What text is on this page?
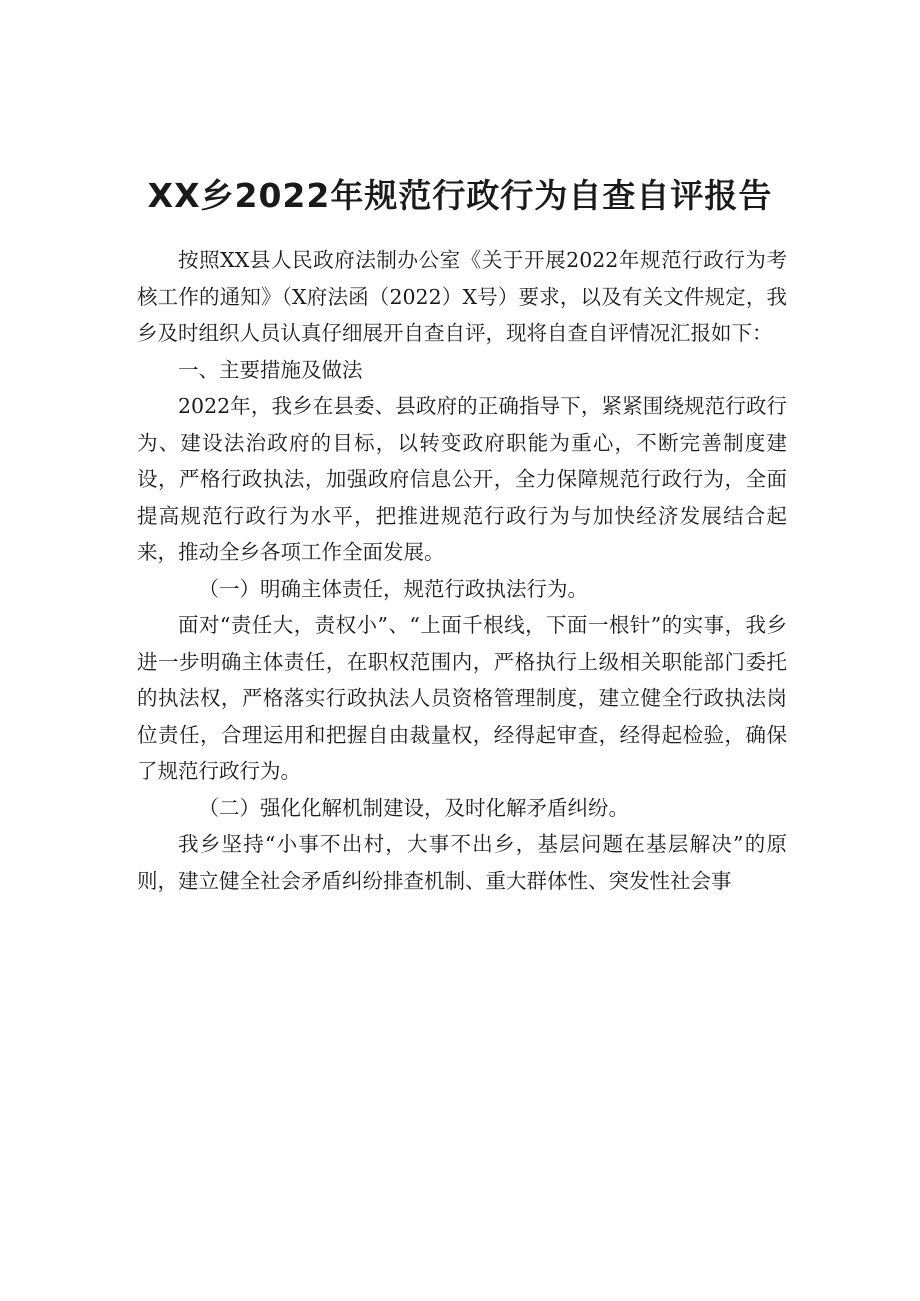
XX乡2022年规范行政行为自查自评报告

按照XX县人民政府法制办公室《关于开展2022年规范行政行为考核工作的通知》（X府法函（2022）X号）要求，以及有关文件规定，我乡及时组织人员认真仔细展开自查自评，现将自查自评情况汇报如下：

一、主要措施及做法

2022年，我乡在县委、县政府的正确指导下，紧紧围绕规范行政行为、建设法治政府的目标，以转变政府职能为重心，不断完善制度建设，严格行政执法，加强政府信息公开，全力保障规范行政行为，全面提高规范行政行为水平，把推进规范行政行为与加快经济发展结合起来，推动全乡各项工作全面发展。

（一）明确主体责任，规范行政执法行为。

面对“责任大，责权小”、“上面千根线，下面一根针”的实事，我乡进一步明确主体责任，在职权范围内，严格执行上级相关职能部门委托的执法权，严格落实行政执法人员资格管理制度，建立健全行政执法岗位责任，合理运用和把握自由裁量权，经得起审查，经得起检验，确保了规范行政行为。

（二）强化化解机制建设，及时化解矛盾纠纷。

我乡坚持“小事不出村，大事不出乡，基层问题在基层解决”的原则，建立健全社会矛盾纠纷排查机制、重大群体性、突发性社会事
